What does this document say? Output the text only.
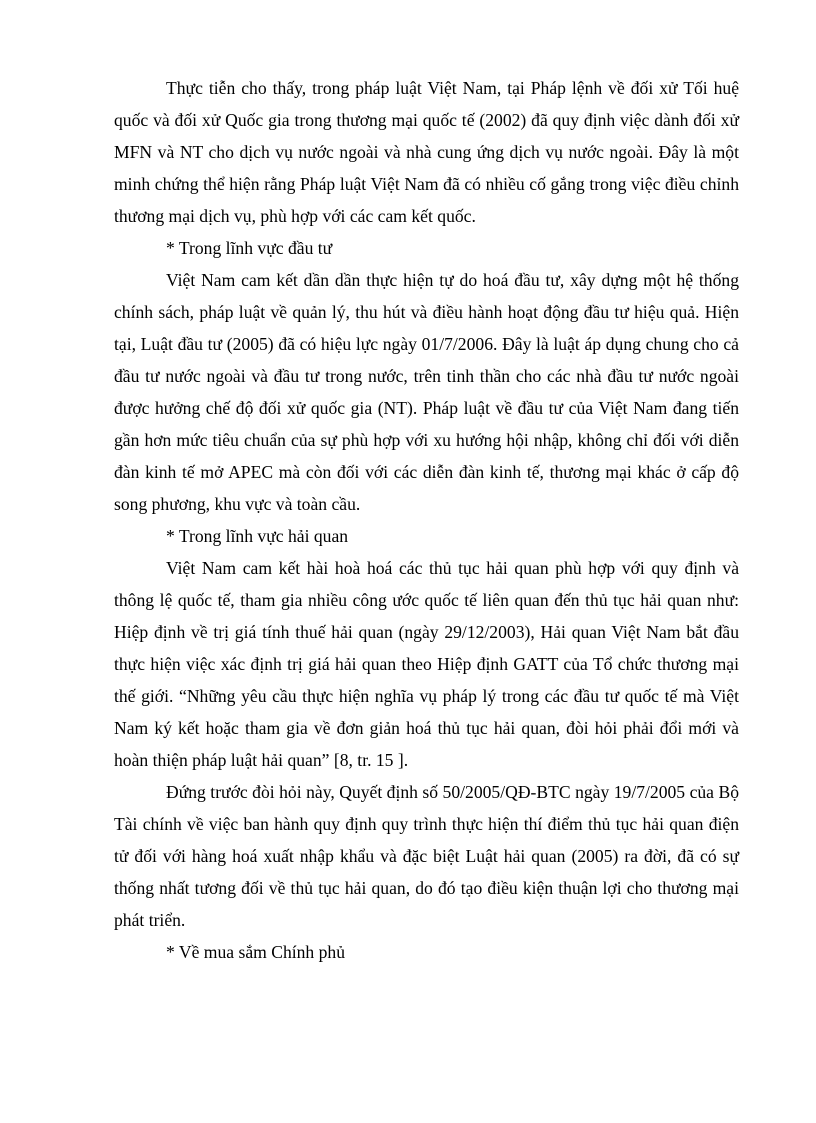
Thực tiễn cho thấy, trong pháp luật Việt Nam, tại Pháp lệnh về đối xử Tối huệ quốc và đối xử Quốc gia trong thương mại quốc tế (2002) đã quy định việc dành đối xử MFN và NT cho dịch vụ nước ngoài và nhà cung ứng dịch vụ nước ngoài. Đây là một minh chứng thể hiện rằng Pháp luật Việt Nam đã có nhiều cố gắng trong việc điều chỉnh thương mại dịch vụ, phù hợp với các cam kết quốc.

* Trong lĩnh vực đầu tư

Việt Nam cam kết dần dần thực hiện tự do hoá đầu tư, xây dựng một hệ thống chính sách, pháp luật về quản lý, thu hút và điều hành hoạt động đầu tư hiệu quả. Hiện tại, Luật đầu tư (2005) đã có hiệu lực ngày 01/7/2006. Đây là luật áp dụng chung cho cả đầu tư nước ngoài và đầu tư trong nước, trên tinh thần cho các nhà đầu tư nước ngoài được hưởng chế độ đối xử quốc gia (NT). Pháp luật về đầu tư của Việt Nam đang tiến gần hơn mức tiêu chuẩn của sự phù hợp với xu hướng hội nhập, không chỉ đối với diễn đàn kinh tế mở APEC mà còn đối với các diễn đàn kinh tế, thương mại khác ở cấp độ song phương, khu vực và toàn cầu.

* Trong lĩnh vực hải quan

Việt Nam cam kết hài hoà hoá các thủ tục hải quan phù hợp với quy định và thông lệ quốc tế, tham gia nhiều công ước quốc tế liên quan đến thủ tục hải quan như: Hiệp định về trị giá tính thuế hải quan (ngày 29/12/2003), Hải quan Việt Nam bắt đầu thực hiện việc xác định trị giá hải quan theo Hiệp định GATT của Tổ chức thương mại thế giới. “Những yêu cầu thực hiện nghĩa vụ pháp lý trong các đầu tư quốc tế mà Việt Nam ký kết hoặc tham gia về đơn giản hoá thủ tục hải quan, đòi hỏi phải đổi mới và hoàn thiện pháp luật hải quan” [8, tr. 15 ].

Đứng trước đòi hỏi này, Quyết định số 50/2005/QĐ-BTC ngày 19/7/2005 của Bộ Tài chính về việc ban hành quy định quy trình thực hiện thí điểm thủ tục hải quan điện tử đối với hàng hoá xuất nhập khẩu và đặc biệt Luật hải quan (2005) ra đời, đã có sự thống nhất tương đối về thủ tục hải quan, do đó tạo điều kiện thuận lợi cho thương mại phát triển.

* Về mua sắm Chính phủ
